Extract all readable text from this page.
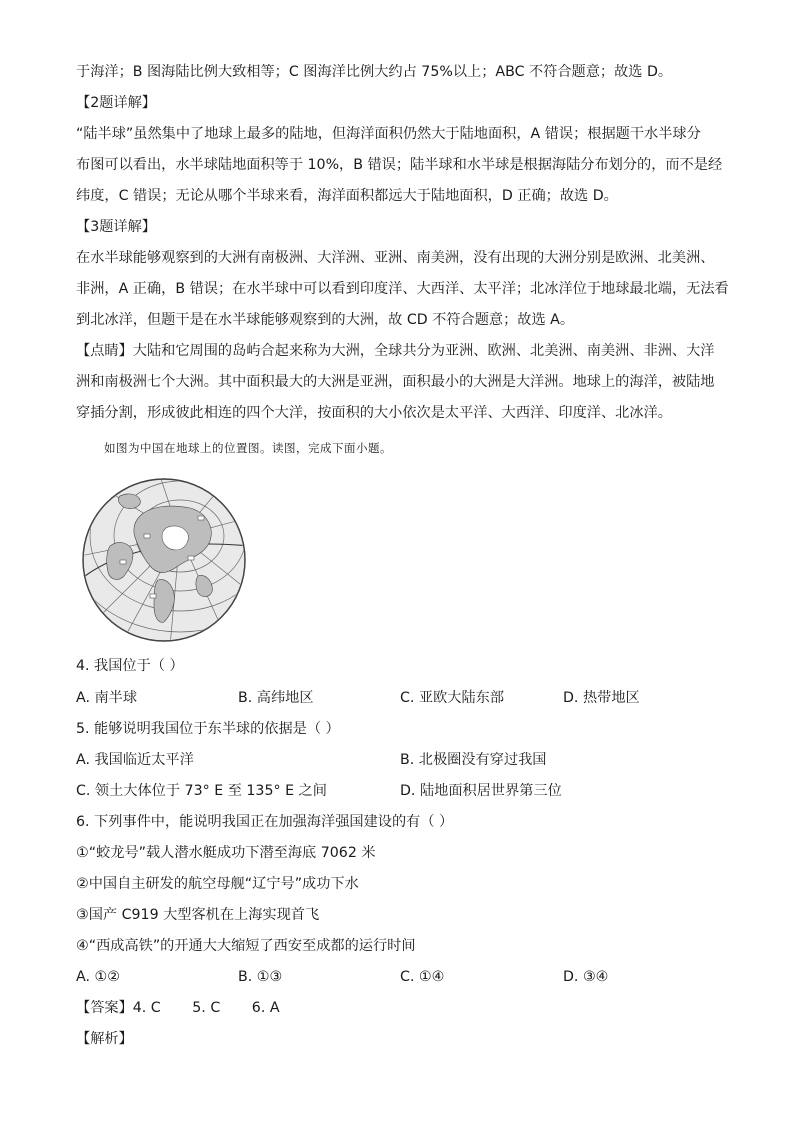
于海洋；B 图海陆比例大致相等；C 图海洋比例大约占 75%以上；ABC 不符合题意；故选 D。
【2题详解】
“陆半球”虽然集中了地球上最多的陆地，但海洋面积仍然大于陆地面积，A 错误；根据题干水半球分
布图可以看出，水半球陆地面积等于 10%，B 错误；陆半球和水半球是根据海陆分布划分的，而不是经
纬度，C 错误；无论从哪个半球来看，海洋面积都远大于陆地面积，D 正确；故选 D。
【3题详解】
在水半球能够观察到的大洲有南极洲、大洋洲、亚洲、南美洲，没有出现的大洲分别是欧洲、北美洲、
非洲，A 正确，B 错误；在水半球中可以看到印度洋、大西洋、太平洋；北冰洋位于地球最北端，无法看
到北冰洋，但题干是在水半球能够观察到的大洲，故 CD 不符合题意；故选 A。
【点睛】大陆和它周围的岛屿合起来称为大洲，全球共分为亚洲、欧洲、北美洲、南美洲、非洲、大洋
洲和南极洲七个大洲。其中面积最大的大洲是亚洲，面积最小的大洲是大洋洲。地球上的海洋，被陆地
穿插分割，形成彼此相连的四个大洋，按面积的大小依次是太平洋、大西洋、印度洋、北冰洋。
如图为中国在地球上的位置图。读图，完成下面小题。
4. 我国位于（ ）
A. 南半球	B. 高纬地区	C. 亚欧大陆东部	D. 热带地区
5. 能够说明我国位于东半球的依据是（ ）
A. 我国临近太平洋	B. 北极圈没有穿过我国
C. 领土大体位于 73° E 至 135° E 之间	D. 陆地面积居世界第三位
6. 下列事件中，能说明我国正在加强海洋强国建设的有（ ）
①“蛟龙号”载人潜水艇成功下潜至海底 7062 米
②中国自主研发的航空母舰“辽宁号”成功下水
③国产 C919 大型客机在上海实现首飞
④“西成高铁”的开通大大缩短了西安至成都的运行时间
A. ①②	B. ①③	C. ①④	D. ③④
【答案】4. C       5. C       6. A
【解析】
